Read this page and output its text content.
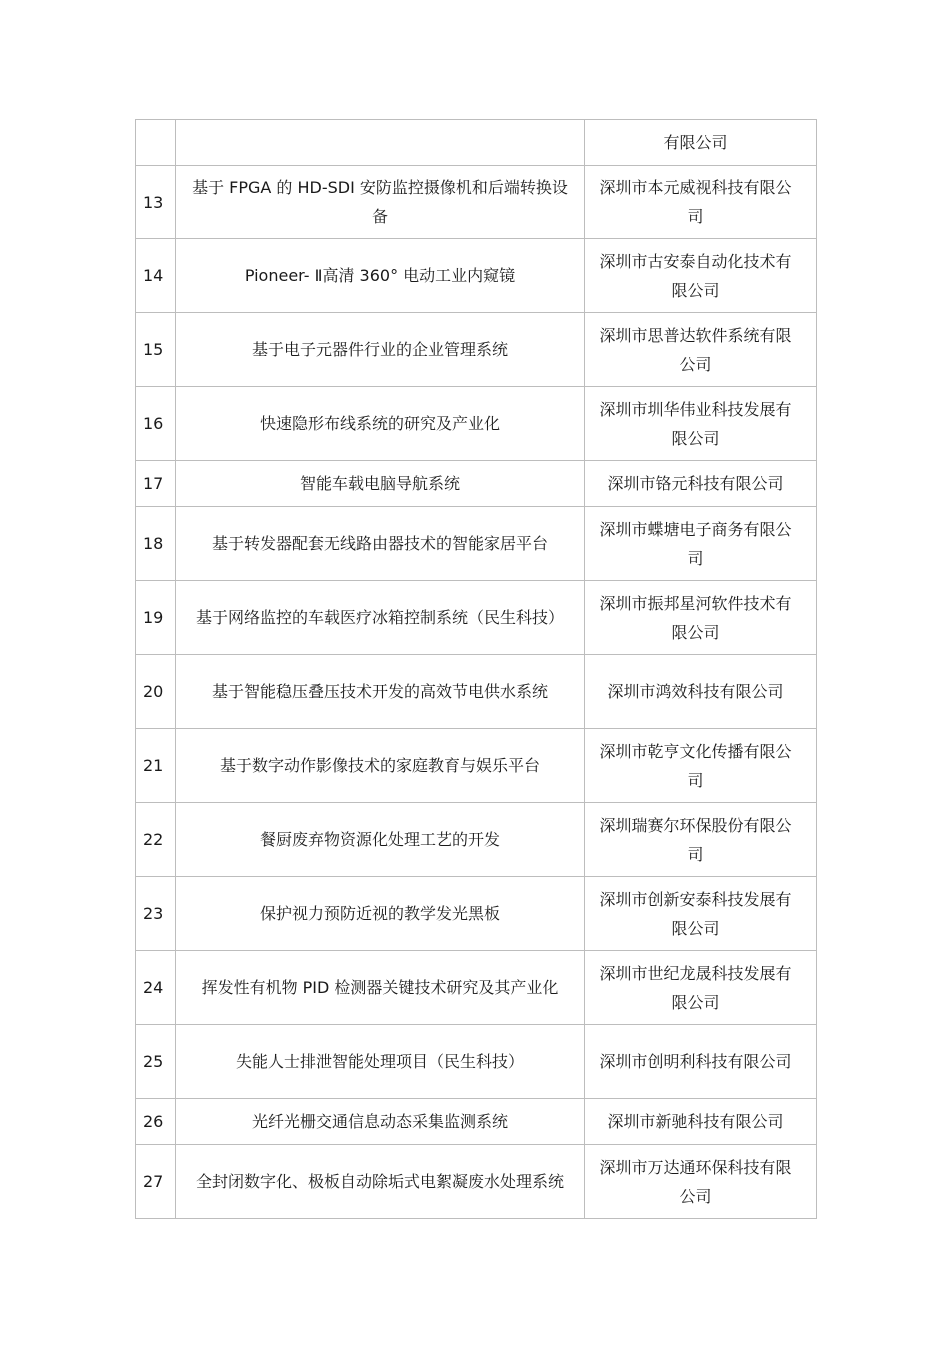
		有限公司
13	基于 FPGA 的 HD-SDI 安防监控摄像机和后端转换设备	深圳市本元威视科技有限公司
14	Pioneer- Ⅱ高清 360° 电动工业内窥镜	深圳市古安泰自动化技术有限公司
15	基于电子元器件行业的企业管理系统	深圳市思普达软件系统有限公司
16	快速隐形布线系统的研究及产业化	深圳市圳华伟业科技发展有限公司
17	智能车载电脑导航系统	深圳市铬元科技有限公司
18	基于转发器配套无线路由器技术的智能家居平台	深圳市蝶塘电子商务有限公司
19	基于网络监控的车载医疗冰箱控制系统（民生科技）	深圳市振邦星河软件技术有限公司
20	基于智能稳压叠压技术开发的高效节电供水系统	深圳市鸿效科技有限公司
21	基于数字动作影像技术的家庭教育与娱乐平台	深圳市乾亨文化传播有限公司
22	餐厨废弃物资源化处理工艺的开发	深圳瑞赛尔环保股份有限公司
23	保护视力预防近视的教学发光黑板	深圳市创新安泰科技发展有限公司
24	挥发性有机物 PID 检测器关键技术研究及其产业化	深圳市世纪龙晟科技发展有限公司
25	失能人士排泄智能处理项目（民生科技）	深圳市创明利科技有限公司
26	光纤光栅交通信息动态采集监测系统	深圳市新驰科技有限公司
27	全封闭数字化、极板自动除垢式电絮凝废水处理系统	深圳市万达通环保科技有限公司
